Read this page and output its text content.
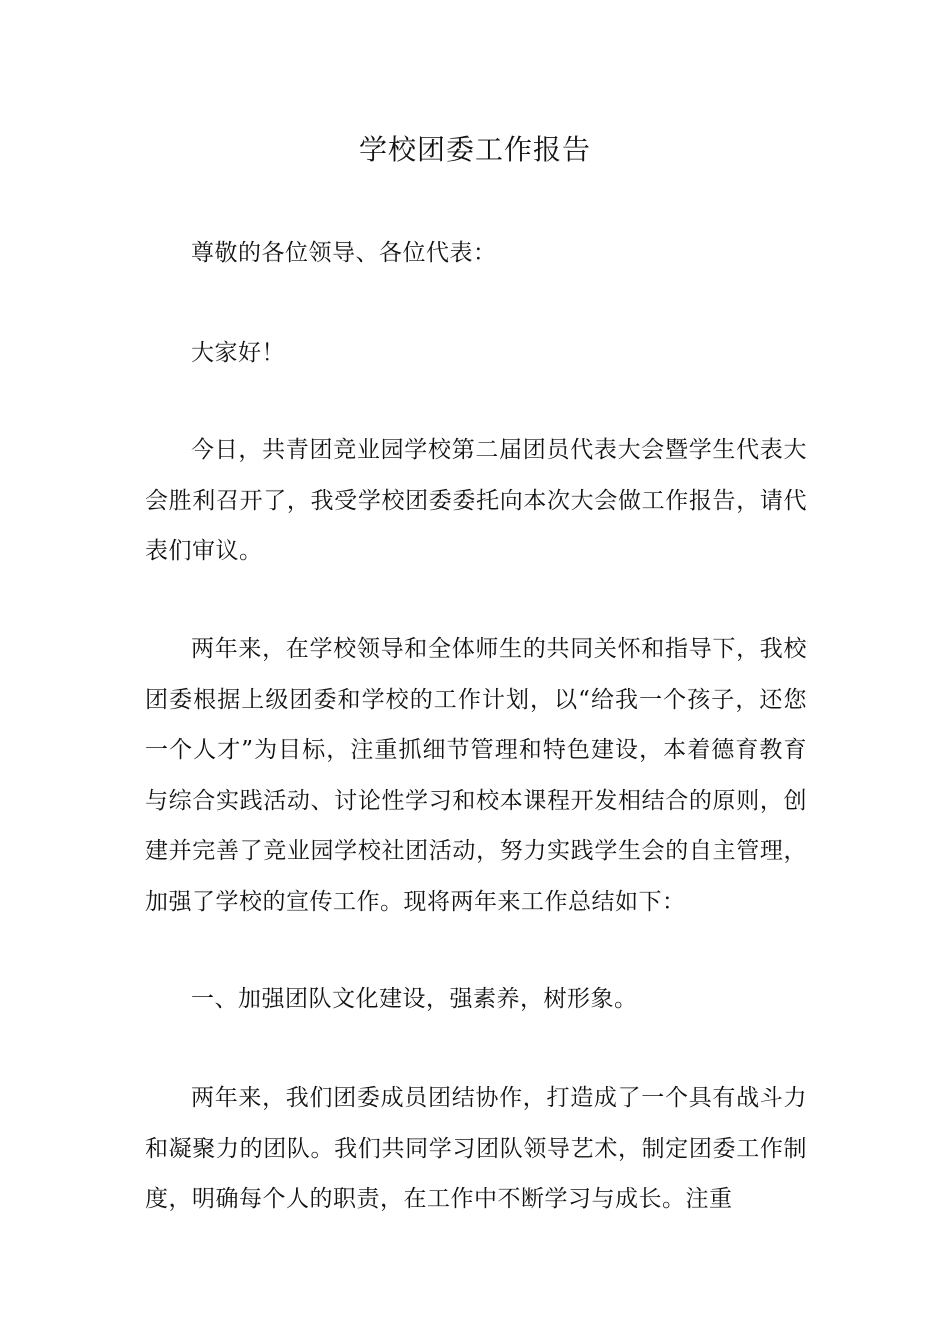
学校团委工作报告

尊敬的各位领导、各位代表：

大家好！

今日，共青团竞业园学校第二届团员代表大会暨学生代表大会胜利召开了，我受学校团委委托向本次大会做工作报告，请代表们审议。

两年来，在学校领导和全体师生的共同关怀和指导下，我校团委根据上级团委和学校的工作计划，以“给我一个孩子，还您一个人才”为目标，注重抓细节管理和特色建设，本着德育教育与综合实践活动、讨论性学习和校本课程开发相结合的原则，创建并完善了竞业园学校社团活动，努力实践学生会的自主管理，加强了学校的宣传工作。现将两年来工作总结如下：

一、加强团队文化建设，强素养，树形象。

两年来，我们团委成员团结协作，打造成了一个具有战斗力和凝聚力的团队。我们共同学习团队领导艺术，制定团委工作制度，明确每个人的职责，在工作中不断学习与成长。注重
